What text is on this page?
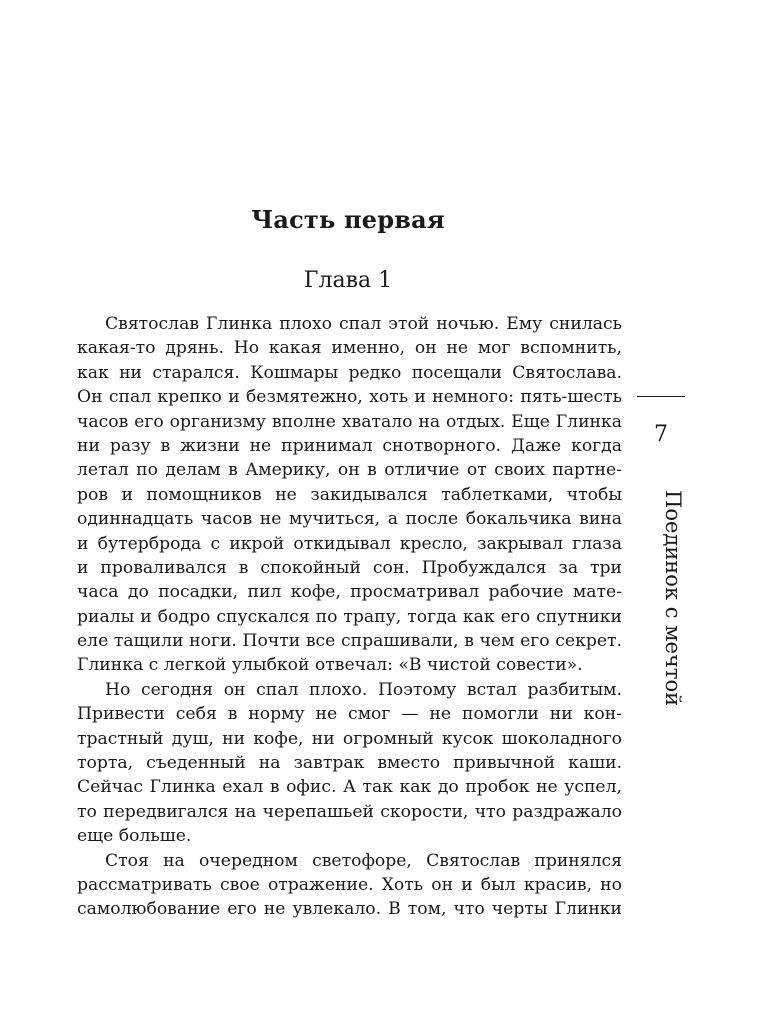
Часть первая
Глава 1
Святослав Глинка плохо спал этой ночью. Ему снилась
какая-то дрянь. Но какая именно, он не мог вспомнить,
как ни старался. Кошмары редко посещали Святослава.
Он спал крепко и безмятежно, хоть и немного: пять-шесть
часов его организму вполне хватало на отдых. Еще Глинка
ни разу в жизни не принимал снотворного. Даже когда
летал по делам в Америку, он в отличие от своих партне-
ров и помощников не закидывался таблетками, чтобы
одиннадцать часов не мучиться, а после бокальчика вина
и бутерброда с икрой откидывал кресло, закрывал глаза
и проваливался в спокойный сон. Пробуждался за три
часа до посадки, пил кофе, просматривал рабочие мате-
риалы и бодро спускался по трапу, тогда как его спутники
еле тащили ноги. Почти все спрашивали, в чем его секрет.
Глинка с легкой улыбкой отвечал: «В чистой совести».
Но сегодня он спал плохо. Поэтому встал разбитым.
Привести себя в норму не смог — не помогли ни кон-
трастный душ, ни кофе, ни огромный кусок шоколадного
торта, съеденный на завтрак вместо привычной каши.
Сейчас Глинка ехал в офис. А так как до пробок не успел,
то передвигался на черепашьей скорости, что раздражало
еще больше.
Стоя на очередном светофоре, Святослав принялся
рассматривать свое отражение. Хоть он и был красив, но
самолюбование его не увлекало. В том, что черты Глинки
7
Поединок с мечтой
